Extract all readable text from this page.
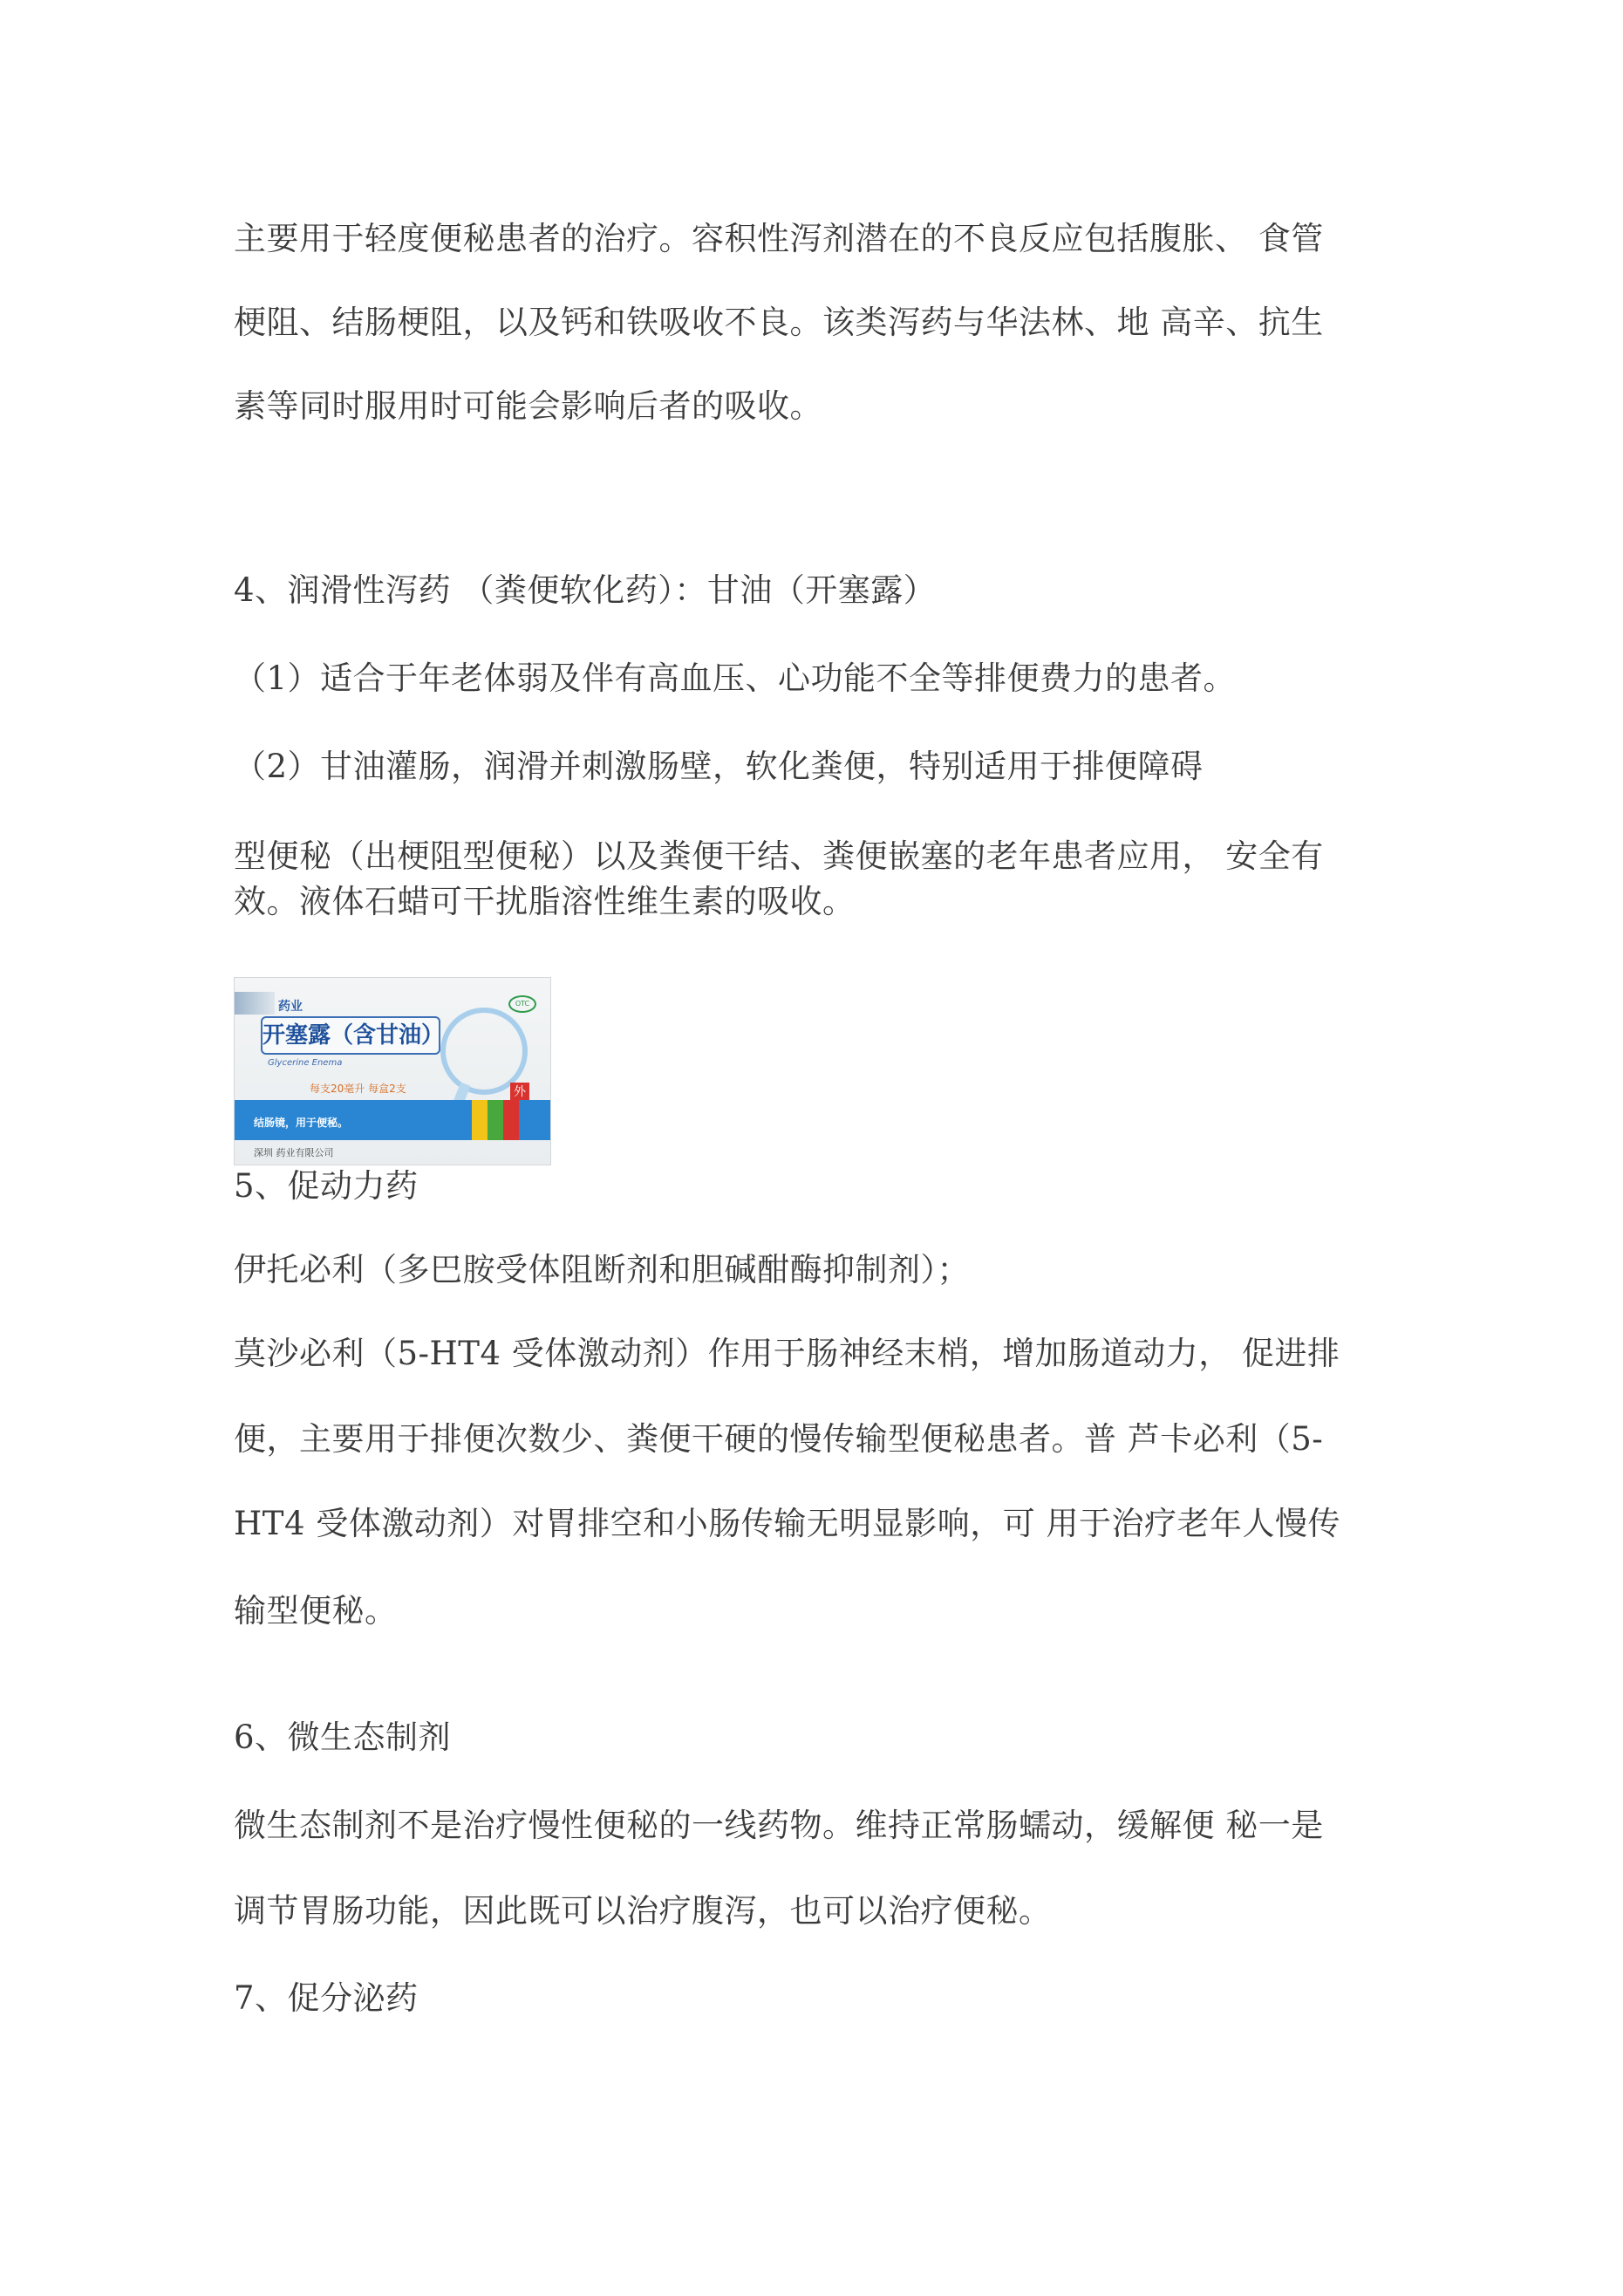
主要用于轻度便秘患者的治疗。容积性泻剂潜在的不良反应包括腹胀、 食管
梗阻、结肠梗阻，以及钙和铁吸收不良。该类泻药与华法林、地 高辛、抗生
素等同时服用时可能会影响后者的吸收。
4、润滑性泻药 （粪便软化药）：甘油（开塞露）
（1）适合于年老体弱及伴有高血压、心功能不全等排便费力的患者。
（2）甘油灌肠，润滑并刺激肠壁，软化粪便，特别适用于排便障碍
型便秘（出梗阻型便秘）以及粪便干结、粪便嵌塞的老年患者应用， 安全有
效。液体石蜡可干扰脂溶性维生素的吸收。
药业	OTC
开塞露（含甘油）
Glycerine Enema
每支20毫升 每盒2支	外
结肠镜，用于便秘。
深圳 药业有限公司
5、促动力药
伊托必利（多巴胺受体阻断剂和胆碱酣酶抑制剂）；
莫沙必利（5-HT4 受体激动剂）作用于肠神经末梢，增加肠道动力， 促进排
便，主要用于排便次数少、粪便干硬的慢传输型便秘患者。普 芦卡必利（5-
HT4 受体激动剂）对胃排空和小肠传输无明显影响，可 用于治疗老年人慢传
输型便秘。
6、微生态制剂
微生态制剂不是治疗慢性便秘的一线药物。维持正常肠蠕动，缓解便 秘一是
调节胃肠功能，因此既可以治疗腹泻，也可以治疗便秘。
7、促分泌药
